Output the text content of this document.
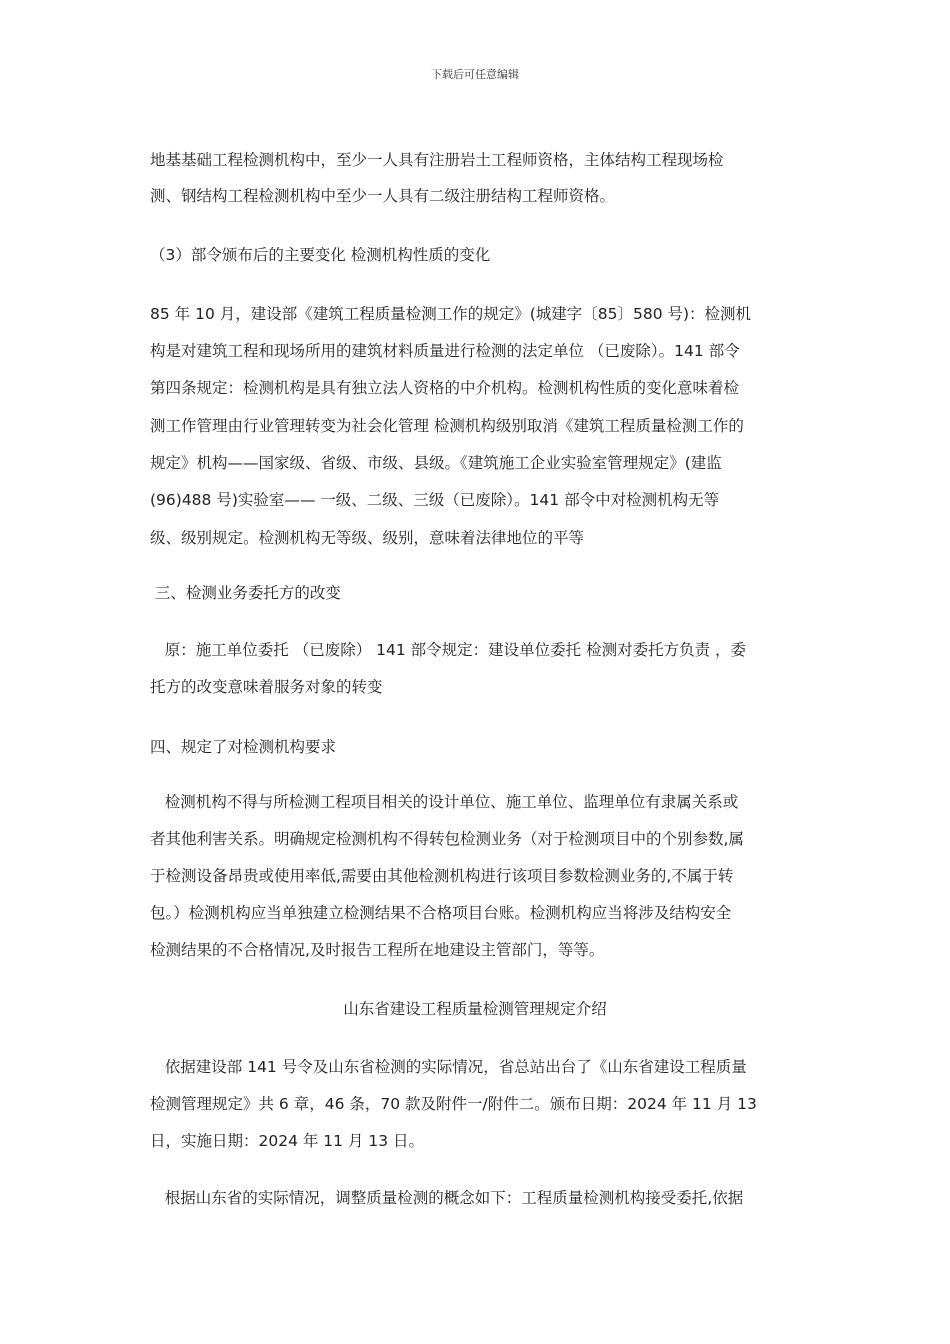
下载后可任意编辑
地基基础工程检测机构中，至少一人具有注册岩土工程师资格，主体结构工程现场检
测、钢结构工程检测机构中至少一人具有二级注册结构工程师资格。
（3）部令颁布后的主要变化 检测机构性质的变化
85 年 10 月，建设部《建筑工程质量检测工作的规定》(城建字〔85〕580 号)：检测机
构是对建筑工程和现场所用的建筑材料质量进行检测的法定单位 （已废除）。141 部令
第四条规定：检测机构是具有独立法人资格的中介机构。检测机构性质的变化意味着检
测工作管理由行业管理转变为社会化管理 检测机构级别取消《建筑工程质量检测工作的
规定》机构——国家级、省级、市级、县级。《建筑施工企业实验室管理规定》(建监
(96)488 号)实验室—— 一级、二级、三级（已废除）。141 部令中对检测机构无等
级、级别规定。检测机构无等级、级别，意味着法律地位的平等
三、检测业务委托方的改变
原：施工单位委托 （已废除） 141 部令规定：建设单位委托 检测对委托方负责 ，委
托方的改变意味着服务对象的转变
四、规定了对检测机构要求
检测机构不得与所检测工程项目相关的设计单位、施工单位、监理单位有隶属关系或
者其他利害关系。明确规定检测机构不得转包检测业务（对于检测项目中的个别参数,属
于检测设备昂贵或使用率低,需要由其他检测机构进行该项目参数检测业务的,不属于转
包。）检测机构应当单独建立检测结果不合格项目台账。检测机构应当将涉及结构安全
检测结果的不合格情况,及时报告工程所在地建设主管部门，等等。
山东省建设工程质量检测管理规定介绍
依据建设部 141 号令及山东省检测的实际情况，省总站出台了《山东省建设工程质量
检测管理规定》共 6 章，46 条，70 款及附件一/附件二。颁布日期：2024 年 11 月 13
日，实施日期：2024 年 11 月 13 日。
根据山东省的实际情况，调整质量检测的概念如下：工程质量检测机构接受委托,依据
